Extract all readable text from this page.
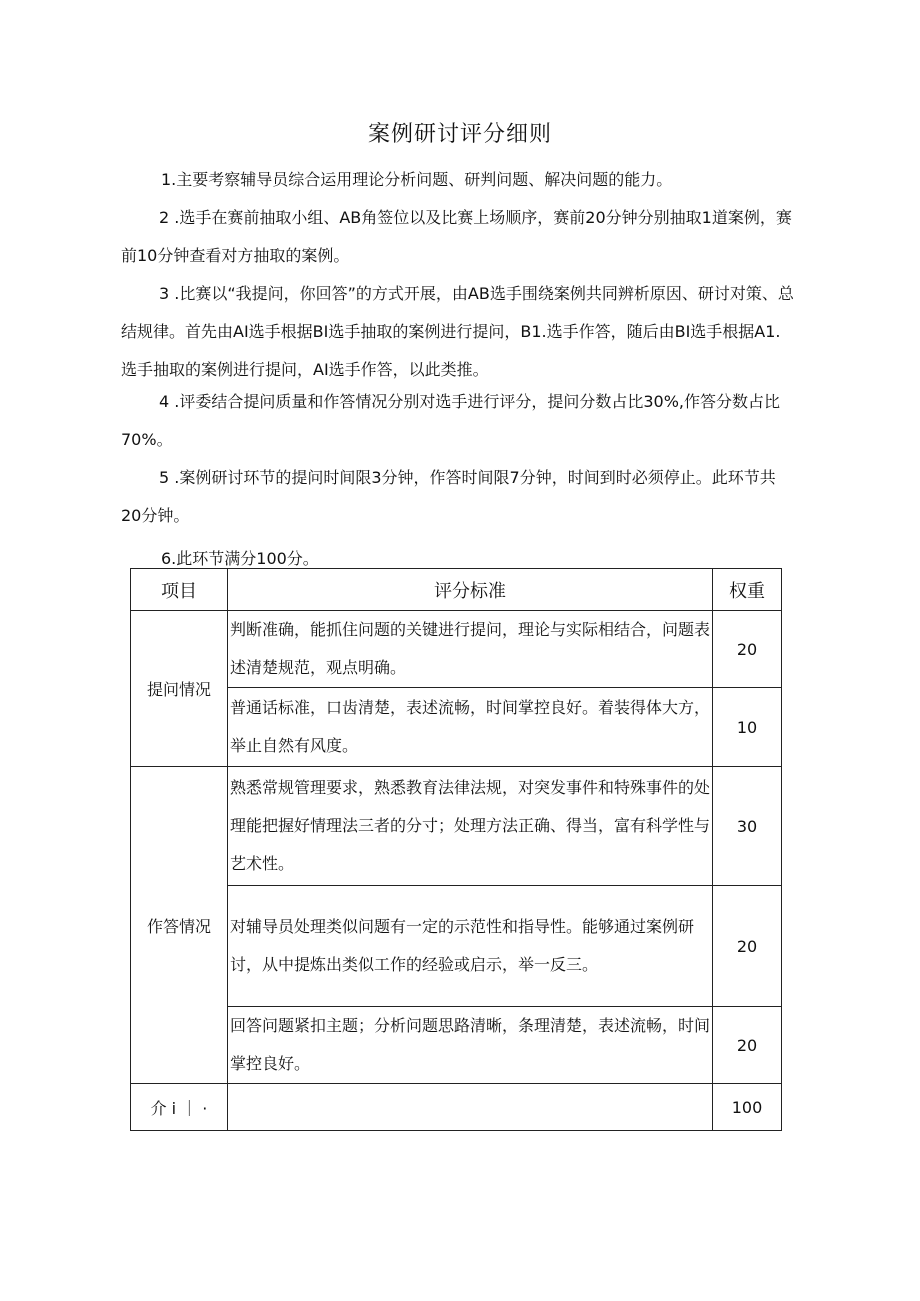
案例研讨评分细则

1.主要考察辅导员综合运用理论分析问题、研判问题、解决问题的能力。

2 .选手在赛前抽取小组、AB角签位以及比赛上场顺序，赛前20分钟分别抽取1道案例，赛前10分钟查看对方抽取的案例。

3 .比赛以“我提问，你回答”的方式开展，由AB选手围绕案例共同辨析原因、研讨对策、总结规律。首先由AI选手根据BI选手抽取的案例进行提问，B1.选手作答，随后由BI选手根据A1.选手抽取的案例进行提问，AI选手作答，以此类推。

4 .评委结合提问质量和作答情况分别对选手进行评分，提问分数占比30%,作答分数占比70%。

5 .案例研讨环节的提问时间限3分钟，作答时间限7分钟，时间到时必须停止。此环节共20分钟。

6.此环节满分100分。

项目	评分标准	权重
提问情况	判断准确，能抓住问题的关键进行提问，理论与实际相结合，问题表述清楚规范，观点明确。	20

	普通话标准，口齿清楚，表述流畅，时间掌控良好。着装得体大方，举止自然有风度。	10
作答情况	熟悉常规管理要求，熟悉教育法律法规，对突发事件和特殊事件的处理能把握好情理法三者的分寸；处理方法正确、得当，富有科学性与艺术性。	30

	对辅导员处理类似问题有一定的示范性和指导性。能够通过案例研讨，从中提炼出类似工作的经验或启示，举一反三。	20

	回答问题紧扣主题；分析问题思路清晰，条理清楚，表述流畅，时间掌控良好。	20
介 i ｜ ·		100
